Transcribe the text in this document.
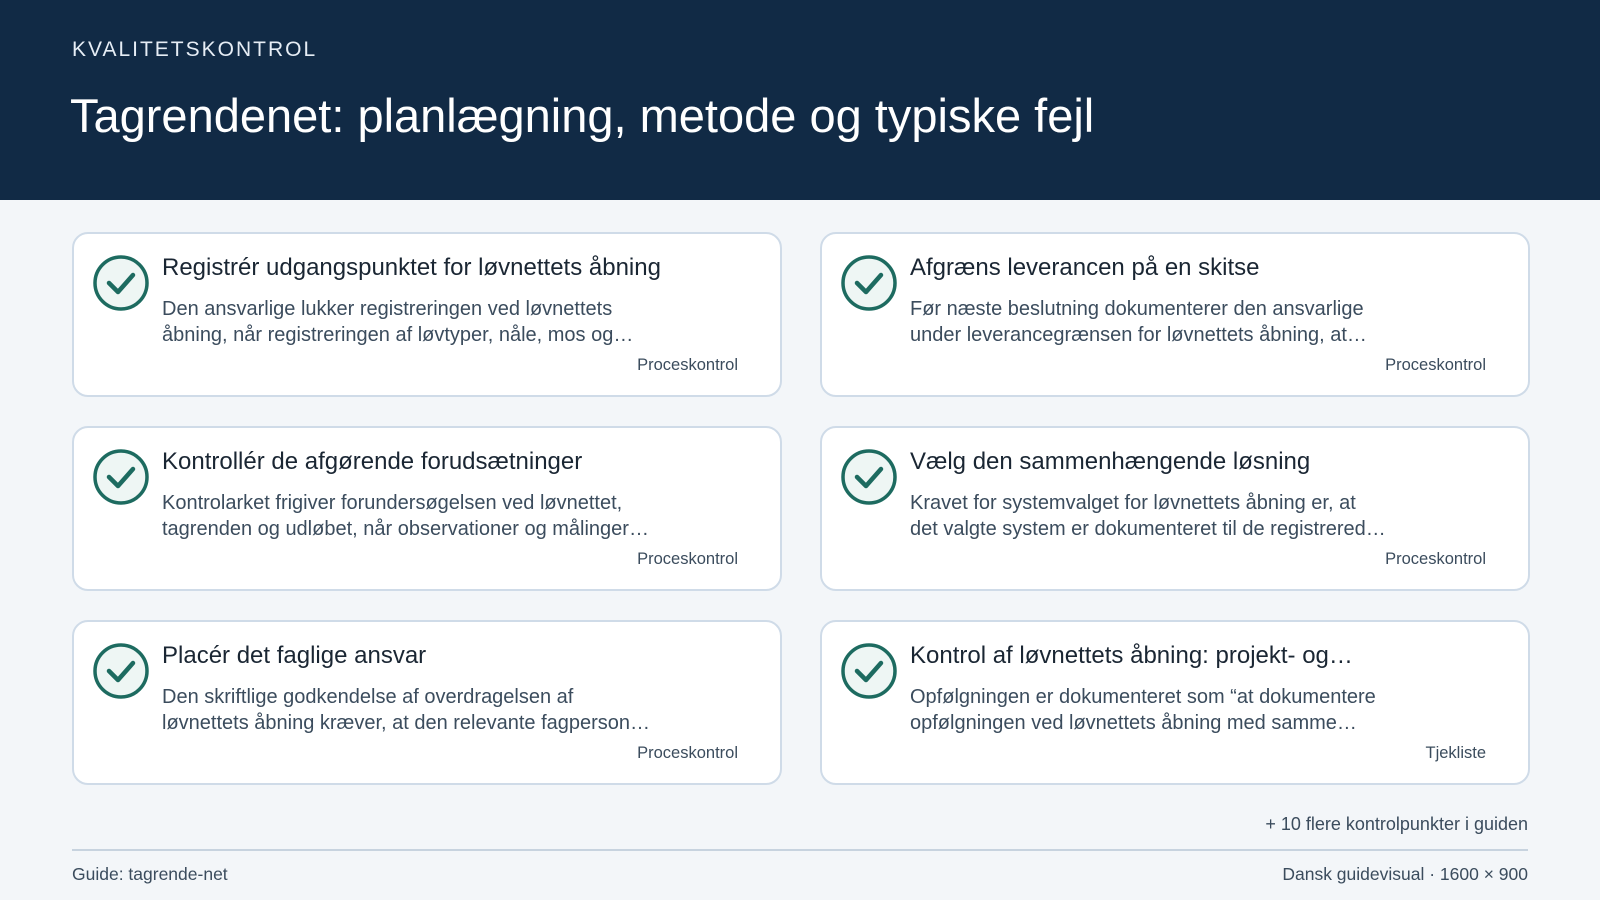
KVALITETSKONTROL
Tagrendenet: planlægning, metode og typiske fejl
Registrér udgangspunktet for løvnettets åbning
Den ansvarlige lukker registreringen ved løvnettets
åbning, når registreringen af løvtyper, nåle, mos og…
Proceskontrol
Afgræns leverancen på en skitse
Før næste beslutning dokumenterer den ansvarlige
under leverancegrænsen for løvnettets åbning, at…
Proceskontrol
Kontrollér de afgørende forudsætninger
Kontrolarket frigiver forundersøgelsen ved løvnettet,
tagrenden og udløbet, når observationer og målinger…
Proceskontrol
Vælg den sammenhængende løsning
Kravet for systemvalget for løvnettets åbning er, at
det valgte system er dokumenteret til de registrered…
Proceskontrol
Placér det faglige ansvar
Den skriftlige godkendelse af overdragelsen af
løvnettets åbning kræver, at den relevante fagperson…
Proceskontrol
Kontrol af løvnettets åbning: projekt- og…
Opfølgningen er dokumenteret som “at dokumentere
opfølgningen ved løvnettets åbning med samme…
Tjekliste
+ 10 flere kontrolpunkter i guiden
Guide: tagrende-net	Dansk guidevisual · 1600 × 900
